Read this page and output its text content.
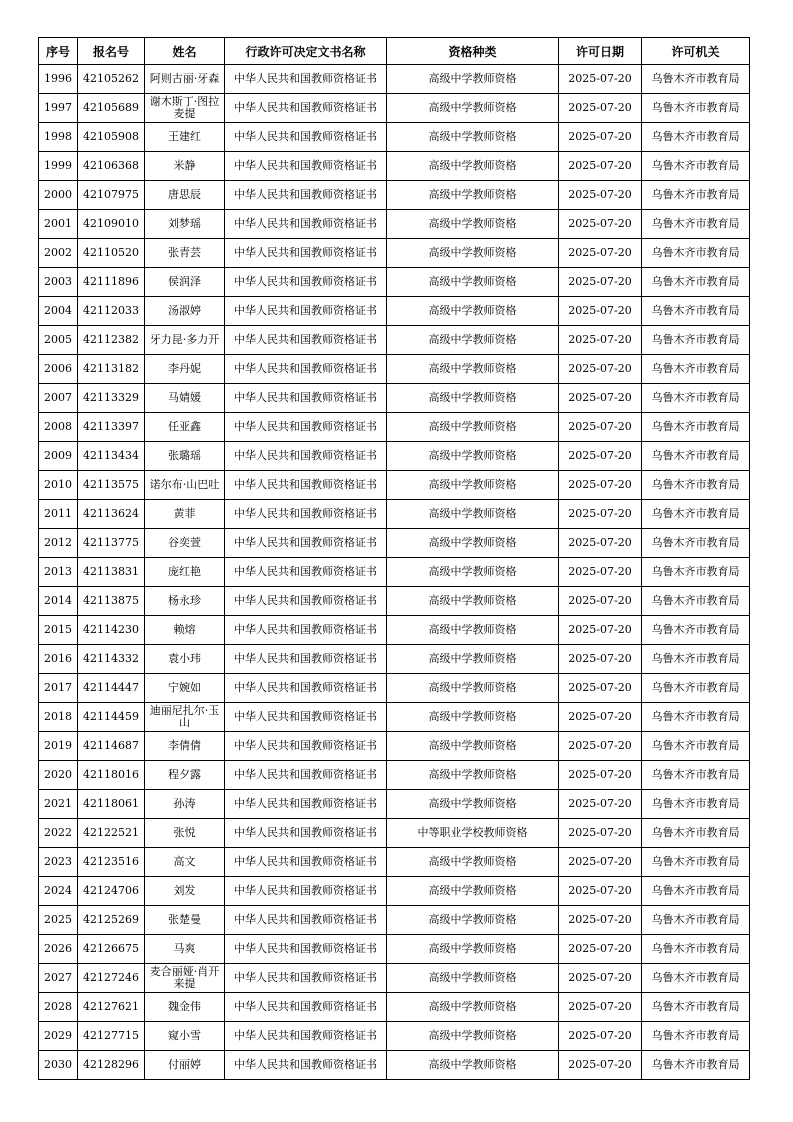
序号	报名号	姓名	行政许可决定文书名称	资格种类	许可日期	许可机关
1996	42105262	阿则古丽·牙森	中华人民共和国教师资格证书	高级中学教师资格	2025-07-20	乌鲁木齐市教育局
1997	42105689	谢木斯丁·图拉麦提	中华人民共和国教师资格证书	高级中学教师资格	2025-07-20	乌鲁木齐市教育局
1998	42105908	王建红	中华人民共和国教师资格证书	高级中学教师资格	2025-07-20	乌鲁木齐市教育局
1999	42106368	米静	中华人民共和国教师资格证书	高级中学教师资格	2025-07-20	乌鲁木齐市教育局
2000	42107975	唐思辰	中华人民共和国教师资格证书	高级中学教师资格	2025-07-20	乌鲁木齐市教育局
2001	42109010	刘梦瑶	中华人民共和国教师资格证书	高级中学教师资格	2025-07-20	乌鲁木齐市教育局
2002	42110520	张青芸	中华人民共和国教师资格证书	高级中学教师资格	2025-07-20	乌鲁木齐市教育局
2003	42111896	侯润泽	中华人民共和国教师资格证书	高级中学教师资格	2025-07-20	乌鲁木齐市教育局
2004	42112033	汤淑婷	中华人民共和国教师资格证书	高级中学教师资格	2025-07-20	乌鲁木齐市教育局
2005	42112382	牙力昆·多力开	中华人民共和国教师资格证书	高级中学教师资格	2025-07-20	乌鲁木齐市教育局
2006	42113182	李丹妮	中华人民共和国教师资格证书	高级中学教师资格	2025-07-20	乌鲁木齐市教育局
2007	42113329	马婧媛	中华人民共和国教师资格证书	高级中学教师资格	2025-07-20	乌鲁木齐市教育局
2008	42113397	任亚鑫	中华人民共和国教师资格证书	高级中学教师资格	2025-07-20	乌鲁木齐市教育局
2009	42113434	张璐瑶	中华人民共和国教师资格证书	高级中学教师资格	2025-07-20	乌鲁木齐市教育局
2010	42113575	诺尔布·山巴吐	中华人民共和国教师资格证书	高级中学教师资格	2025-07-20	乌鲁木齐市教育局
2011	42113624	黄菲	中华人民共和国教师资格证书	高级中学教师资格	2025-07-20	乌鲁木齐市教育局
2012	42113775	谷奕萱	中华人民共和国教师资格证书	高级中学教师资格	2025-07-20	乌鲁木齐市教育局
2013	42113831	庞红艳	中华人民共和国教师资格证书	高级中学教师资格	2025-07-20	乌鲁木齐市教育局
2014	42113875	杨永珍	中华人民共和国教师资格证书	高级中学教师资格	2025-07-20	乌鲁木齐市教育局
2015	42114230	赖熔	中华人民共和国教师资格证书	高级中学教师资格	2025-07-20	乌鲁木齐市教育局
2016	42114332	袁小玮	中华人民共和国教师资格证书	高级中学教师资格	2025-07-20	乌鲁木齐市教育局
2017	42114447	宁婉如	中华人民共和国教师资格证书	高级中学教师资格	2025-07-20	乌鲁木齐市教育局
2018	42114459	迪丽尼扎尔·玉山	中华人民共和国教师资格证书	高级中学教师资格	2025-07-20	乌鲁木齐市教育局
2019	42114687	李倩倩	中华人民共和国教师资格证书	高级中学教师资格	2025-07-20	乌鲁木齐市教育局
2020	42118016	程夕露	中华人民共和国教师资格证书	高级中学教师资格	2025-07-20	乌鲁木齐市教育局
2021	42118061	孙涛	中华人民共和国教师资格证书	高级中学教师资格	2025-07-20	乌鲁木齐市教育局
2022	42122521	张悦	中华人民共和国教师资格证书	中等职业学校教师资格	2025-07-20	乌鲁木齐市教育局
2023	42123516	高文	中华人民共和国教师资格证书	高级中学教师资格	2025-07-20	乌鲁木齐市教育局
2024	42124706	刘发	中华人民共和国教师资格证书	高级中学教师资格	2025-07-20	乌鲁木齐市教育局
2025	42125269	张楚曼	中华人民共和国教师资格证书	高级中学教师资格	2025-07-20	乌鲁木齐市教育局
2026	42126675	马爽	中华人民共和国教师资格证书	高级中学教师资格	2025-07-20	乌鲁木齐市教育局
2027	42127246	麦合丽娅·肖开来提	中华人民共和国教师资格证书	高级中学教师资格	2025-07-20	乌鲁木齐市教育局
2028	42127621	魏金伟	中华人民共和国教师资格证书	高级中学教师资格	2025-07-20	乌鲁木齐市教育局
2029	42127715	窥小雪	中华人民共和国教师资格证书	高级中学教师资格	2025-07-20	乌鲁木齐市教育局
2030	42128296	付丽婷	中华人民共和国教师资格证书	高级中学教师资格	2025-07-20	乌鲁木齐市教育局
